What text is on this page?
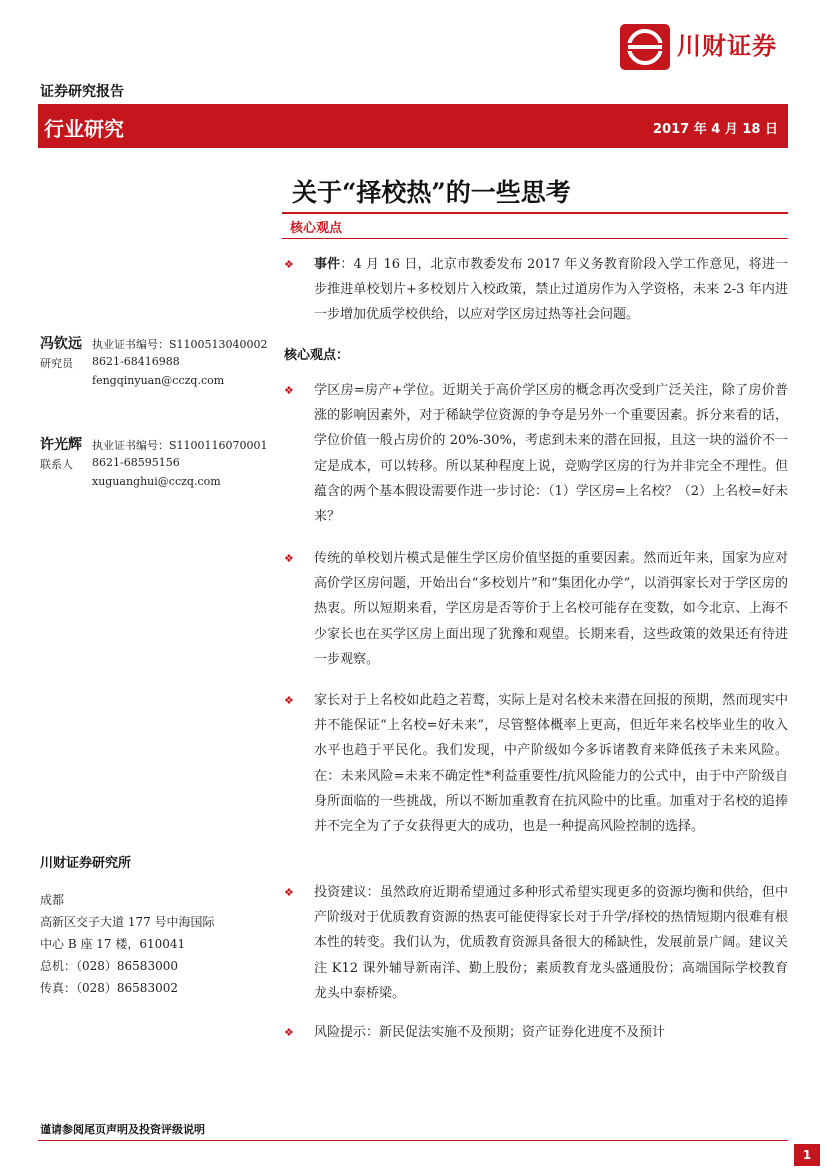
川财证券
证券研究报告
行业研究	2017 年 4 月 18 日
关于“择校热”的一些思考
核心观点
冯钦远
研究员
执业证书编号：S1100513040002
8621-68416988
fengqinyuan@cczq.com
许光辉
联系人
执业证书编号：S1100116070001
8621-68595156
xuguanghui@cczq.com
川财证券研究所
成都
高新区交子大道 177 号中海国际
中心 B 座 17 楼，610041
总机：（028）86583000
传真：（028）86583002
❖ 事件：4 月 16 日，北京市教委发布 2017 年义务教育阶段入学工作意见，将进一步推进单校划片+多校划片入校政策，禁止过道房作为入学资格，未来 2-3 年内进一步增加优质学校供给，以应对学区房过热等社会问题。
核心观点：
❖ 学区房=房产+学位。近期关于高价学区房的概念再次受到广泛关注，除了房价普涨的影响因素外，对于稀缺学位资源的争夺是另外一个重要因素。拆分来看的话，学位价值一般占房价的 20%-30%，考虑到未来的潜在回报，且这一块的溢价不一定是成本，可以转移。所以某种程度上说，竞购学区房的行为并非完全不理性。但蕴含的两个基本假设需要作进一步讨论：（1）学区房=上名校？（2）上名校=好未来？
❖ 传统的单校划片模式是催生学区房价值坚挺的重要因素。然而近年来，国家为应对高价学区房问题，开始出台“多校划片”和“集团化办学”，以消弭家长对于学区房的热衷。所以短期来看，学区房是否等价于上名校可能存在变数，如今北京、上海不少家长也在买学区房上面出现了犹豫和观望。长期来看，这些政策的效果还有待进一步观察。
❖ 家长对于上名校如此趋之若鹜，实际上是对名校未来潜在回报的预期，然而现实中并不能保证“上名校=好未来”，尽管整体概率上更高，但近年来名校毕业生的收入水平也趋于平民化。我们发现，中产阶级如今多诉诸教育来降低孩子未来风险。在：未来风险=未来不确定性*利益重要性/抗风险能力的公式中，由于中产阶级自身所面临的一些挑战，所以不断加重教育在抗风险中的比重。加重对于名校的追捧并不完全为了子女获得更大的成功，也是一种提高风险控制的选择。
❖ 投资建议：虽然政府近期希望通过多种形式希望实现更多的资源均衡和供给，但中产阶级对于优质教育资源的热衷可能使得家长对于升学/择校的热情短期内很难有根本性的转变。我们认为，优质教育资源具备很大的稀缺性，发展前景广阔。建议关注 K12 课外辅导新南洋、勤上股份；素质教育龙头盛通股份；高端国际学校教育龙头中泰桥梁。
❖ 风险提示：新民促法实施不及预期；资产证券化进度不及预计
谨请参阅尾页声明及投资评级说明
1
